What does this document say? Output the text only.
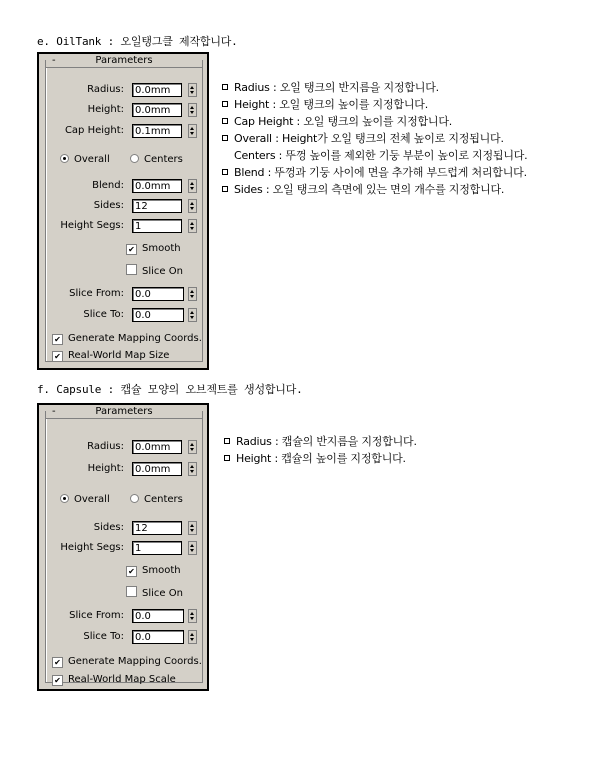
e. OilTank : 오일탱그클 제작합니다.
-	Parameters
Radius:	0.0mm
Height:	0.0mm
Cap Height:	0.1mm
Overall	Centers
Blend:	0.0mm
Sides:	12
Height Segs:	1
✔ Smooth
Slice On
Slice From:	0.0
Slice To:	0.0
✔ Generate Mapping Coords.
✔ Real-World Map Size
Radius : 오일 탱크의 반지름을 지정합니다.
Height : 오일 탱크의 높이를 지정합니다.
Cap Height : 오일 탱크의 높이를 지정합니다.
Overall : Height가 오일 탱크의 전체 높이로 지정됩니다.
Centers : 뚜껑 높이를 제외한 기둥 부분이 높이로 지정됩니다.
Blend : 뚜껑과 기둥 사이에 면을 추가해 부드럽게 처리합니다.
Sides : 오일 탱크의 측면에 있는 면의 개수를 지정합니다.
f. Capsule : 캡슐 모양의 오브젝트를 생성합니다.
-	Parameters
Radius:	0.0mm
Height:	0.0mm
Overall	Centers
Sides:	12
Height Segs:	1
✔ Smooth
Slice On
Slice From:	0.0
Slice To:	0.0
✔ Generate Mapping Coords.
✔ Real-World Map Scale
Radius : 캡슐의 반지름을 지정합니다.
Height : 캡슐의 높이를 지정합니다.
